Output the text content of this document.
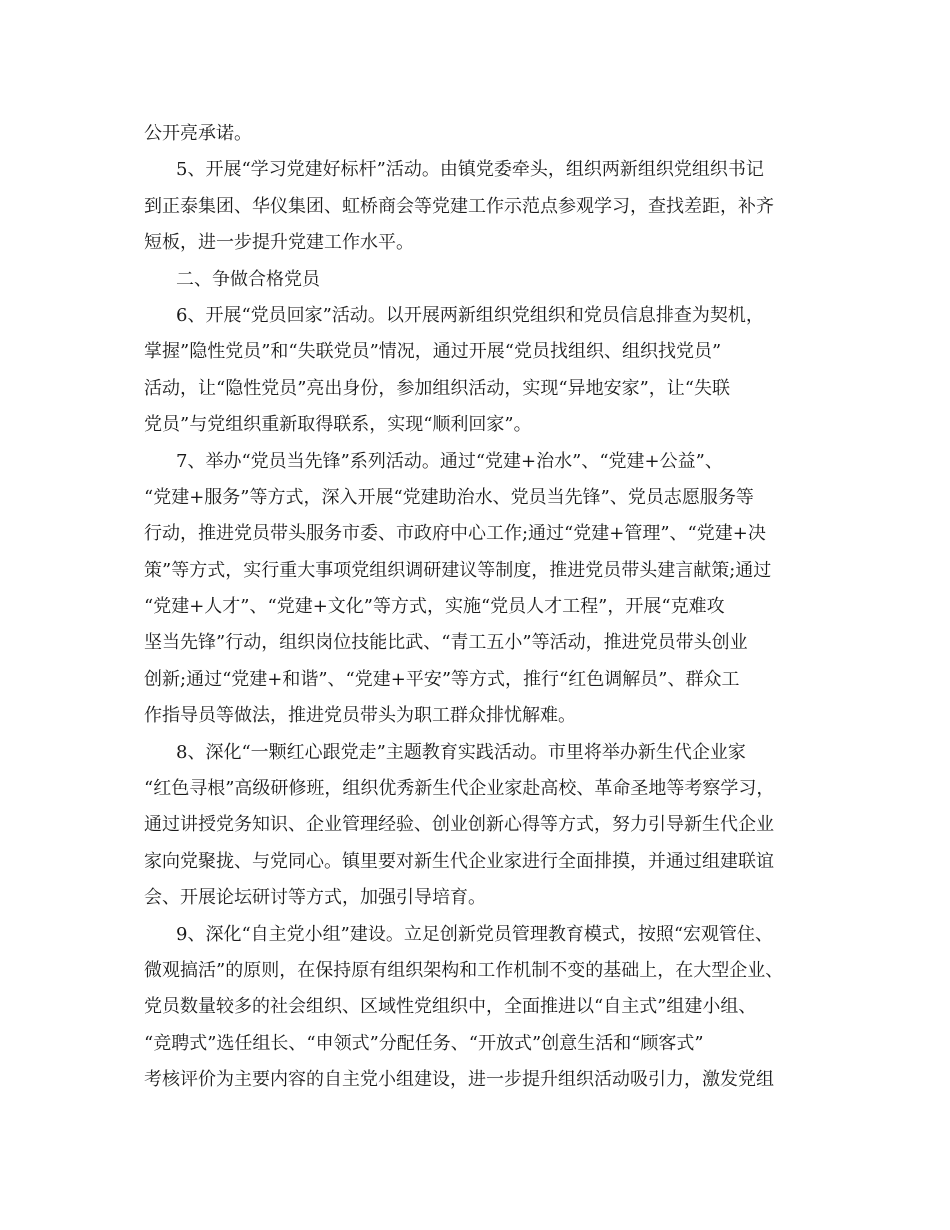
公开亮承诺。
5、开展“学习党建好标杆”活动。由镇党委牵头，组织两新组织党组织书记
到正泰集团、华仪集团、虹桥商会等党建工作示范点参观学习，查找差距，补齐
短板，进一步提升党建工作水平。
二、争做合格党员
6、开展“党员回家”活动。以开展两新组织党组织和党员信息排查为契机，
掌握”隐性党员”和“失联党员”情况，通过开展“党员找组织、组织找党员”
活动，让“隐性党员”亮出身份，参加组织活动，实现“异地安家”，让“失联
党员”与党组织重新取得联系，实现“顺利回家”。
7、举办“党员当先锋”系列活动。通过“党建+治水”、“党建+公益”、
“党建+服务”等方式，深入开展“党建助治水、党员当先锋”、党员志愿服务等
行动，推进党员带头服务市委、市政府中心工作;通过“党建+管理”、“党建+决
策”等方式，实行重大事项党组织调研建议等制度，推进党员带头建言献策;通过
“党建+人才”、“党建+文化”等方式，实施“党员人才工程”，开展“克难攻
坚当先锋”行动，组织岗位技能比武、“青工五小”等活动，推进党员带头创业
创新;通过“党建+和谐”、“党建+平安”等方式，推行“红色调解员”、群众工
作指导员等做法，推进党员带头为职工群众排忧解难。
8、深化“一颗红心跟党走”主题教育实践活动。市里将举办新生代企业家
“红色寻根”高级研修班，组织优秀新生代企业家赴高校、革命圣地等考察学习，
通过讲授党务知识、企业管理经验、创业创新心得等方式，努力引导新生代企业
家向党聚拢、与党同心。镇里要对新生代企业家进行全面排摸，并通过组建联谊
会、开展论坛研讨等方式，加强引导培育。
9、深化“自主党小组”建设。立足创新党员管理教育模式，按照“宏观管住、
微观搞活”的原则，在保持原有组织架构和工作机制不变的基础上，在大型企业、
党员数量较多的社会组织、区域性党组织中，全面推进以“自主式”组建小组、
“竞聘式”选任组长、“申领式”分配任务、“开放式”创意生活和“顾客式”
考核评价为主要内容的自主党小组建设，进一步提升组织活动吸引力，激发党组
